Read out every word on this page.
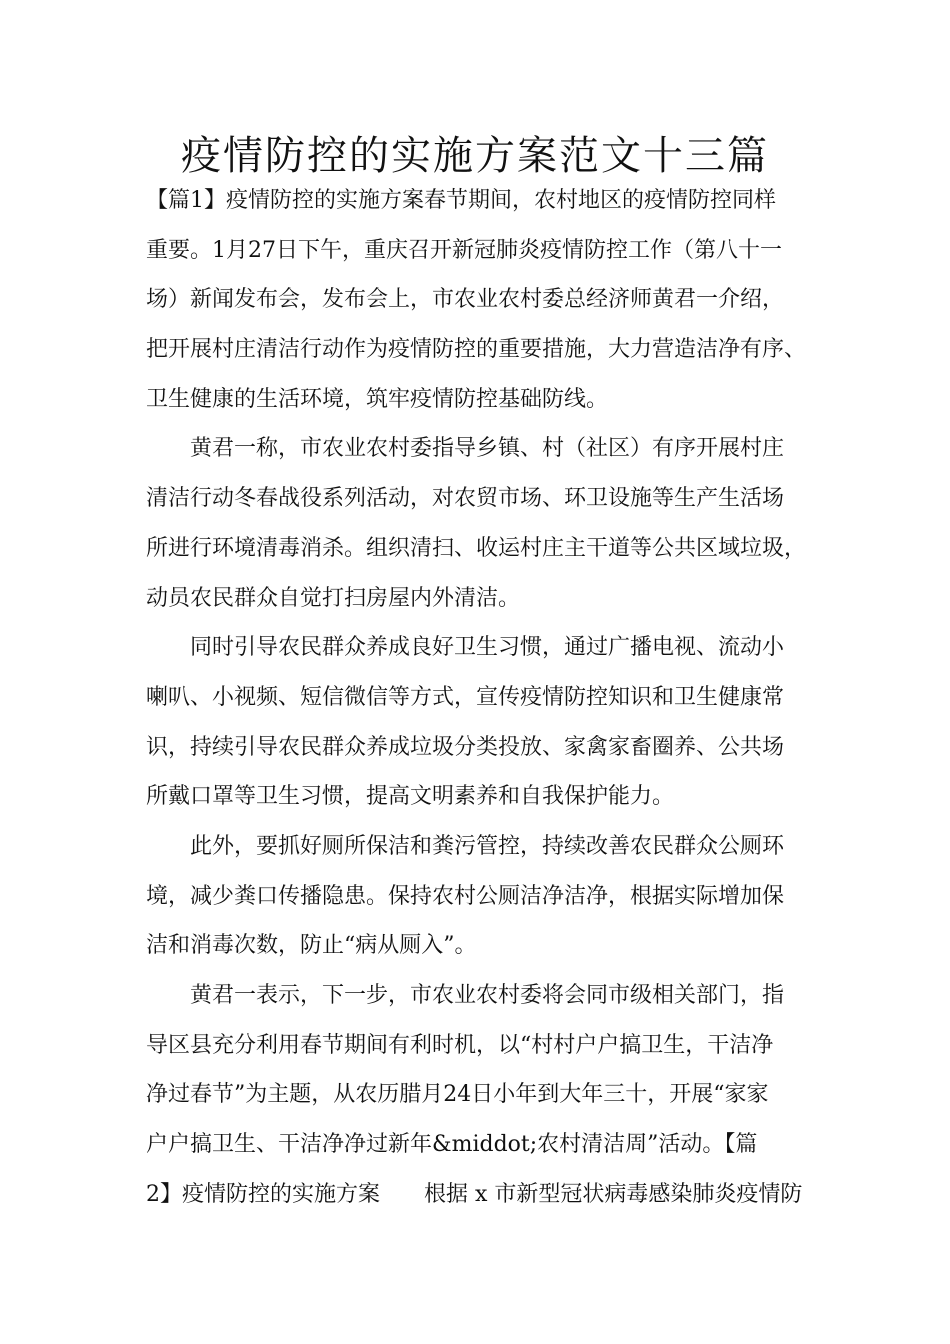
疫情防控的实施方案范文十三篇
【篇1】疫情防控的实施方案春节期间，农村地区的疫情防控同样
重要。1月27日下午，重庆召开新冠肺炎疫情防控工作（第八十一
场）新闻发布会，发布会上，市农业农村委总经济师黄君一介绍，
把开展村庄清洁行动作为疫情防控的重要措施，大力营造洁净有序、
卫生健康的生活环境，筑牢疫情防控基础防线。
黄君一称，市农业农村委指导乡镇、村（社区）有序开展村庄
清洁行动冬春战役系列活动，对农贸市场、环卫设施等生产生活场
所进行环境清毒消杀。组织清扫、收运村庄主干道等公共区域垃圾，
动员农民群众自觉打扫房屋内外清洁。
同时引导农民群众养成良好卫生习惯，通过广播电视、流动小
喇叭、小视频、短信微信等方式，宣传疫情防控知识和卫生健康常
识，持续引导农民群众养成垃圾分类投放、家禽家畜圈养、公共场
所戴口罩等卫生习惯，提高文明素养和自我保护能力。
此外，要抓好厕所保洁和粪污管控，持续改善农民群众公厕环
境，减少粪口传播隐患。保持农村公厕洁净洁净，根据实际增加保
洁和消毒次数，防止“病从厕入”。
黄君一表示，下一步，市农业农村委将会同市级相关部门，指
导区县充分利用春节期间有利时机，以“村村户户搞卫生，干洁净
净过春节”为主题，从农历腊月24日小年到大年三十，开展“家家
户户搞卫生、干洁净净过新年&middot;农村清洁周”活动。【篇
2】疫情防控的实施方案　　根据 x 市新型冠状病毒感染肺炎疫情防
